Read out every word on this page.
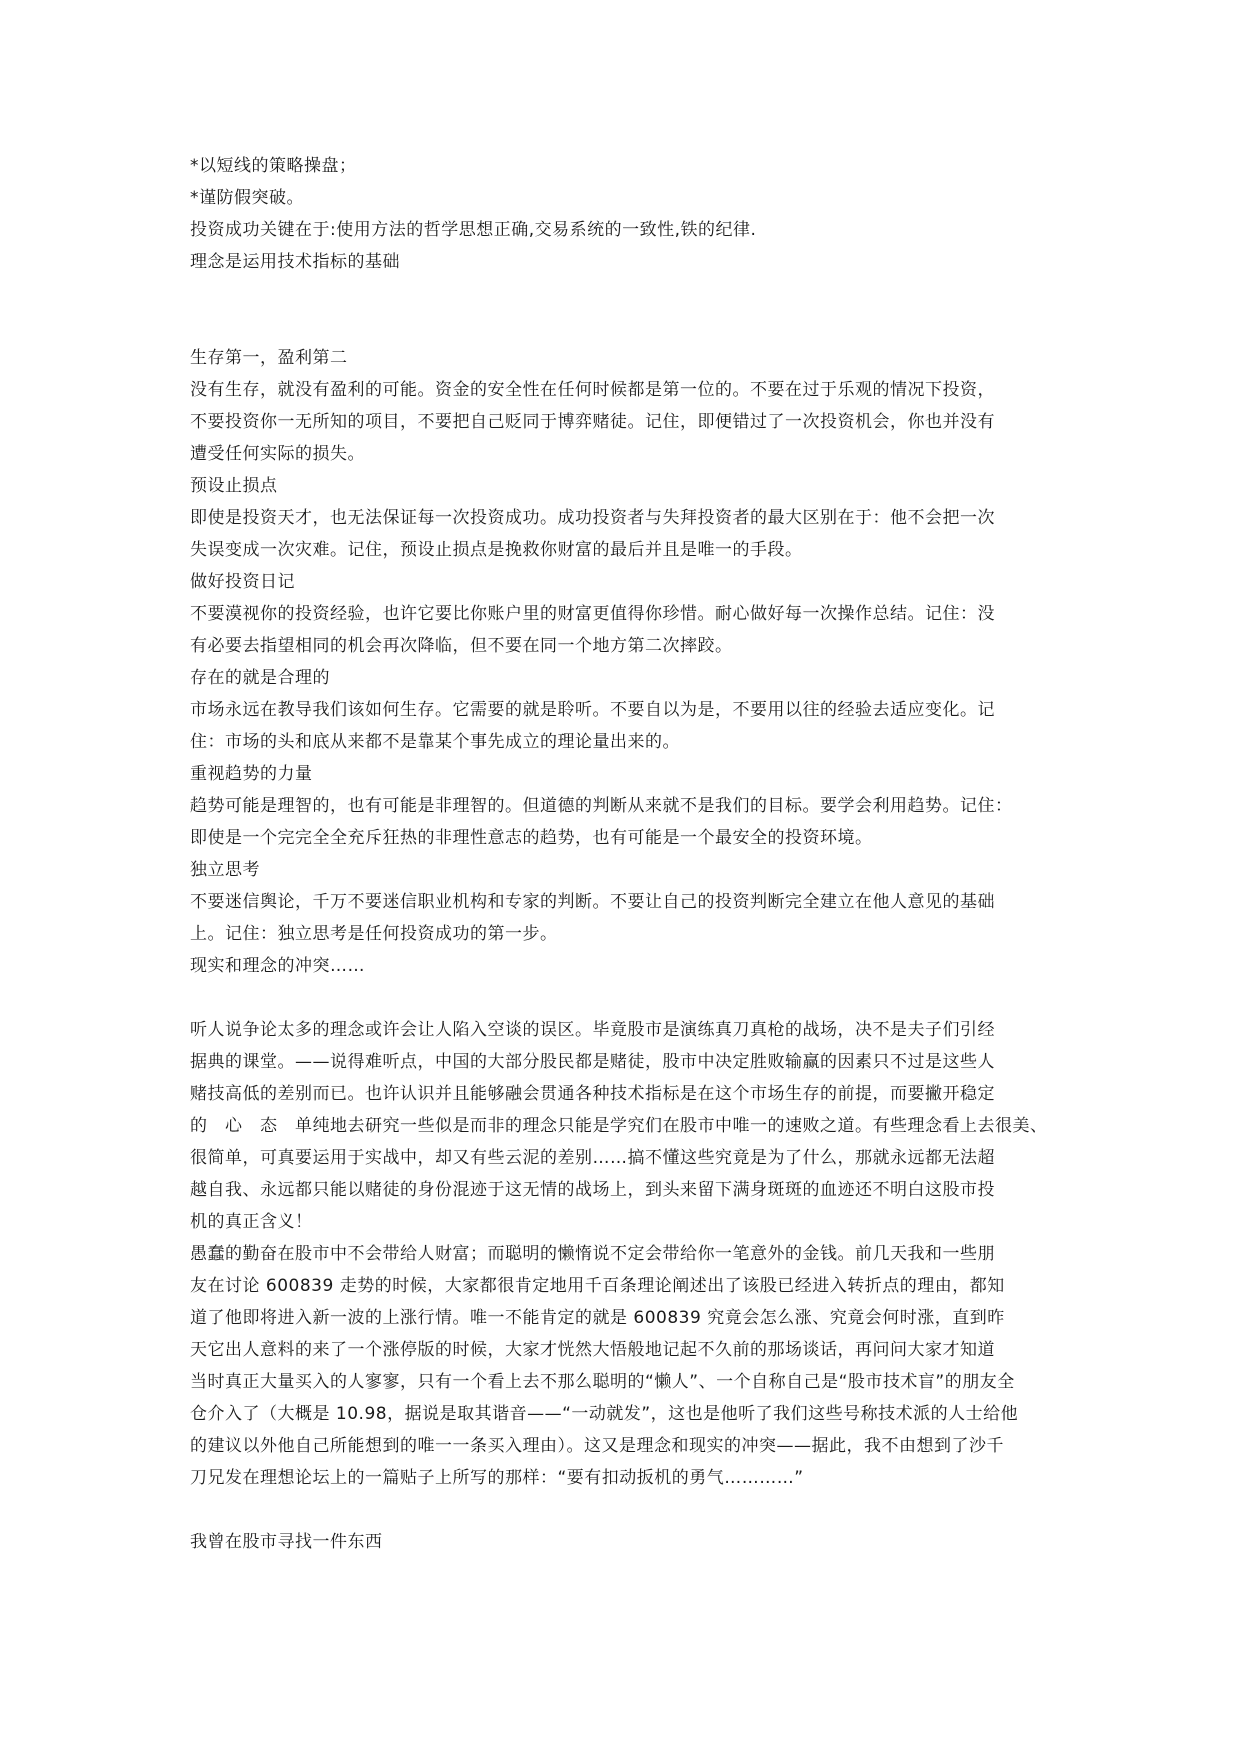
*以短线的策略操盘；
*谨防假突破。
投资成功关键在于:使用方法的哲学思想正确,交易系统的一致性,铁的纪律.
理念是运用技术指标的基础
生存第一，盈利第二
没有生存，就没有盈利的可能。资金的安全性在任何时候都是第一位的。不要在过于乐观的情况下投资，
不要投资你一无所知的项目，不要把自己贬同于博弈赌徒。记住，即便错过了一次投资机会，你也并没有
遭受任何实际的损失。
预设止损点
即使是投资天才，也无法保证每一次投资成功。成功投资者与失拜投资者的最大区别在于：他不会把一次
失误变成一次灾难。记住，预设止损点是挽救你财富的最后并且是唯一的手段。
做好投资日记
不要漠视你的投资经验，也许它要比你账户里的财富更值得你珍惜。耐心做好每一次操作总结。记住：没
有必要去指望相同的机会再次降临，但不要在同一个地方第二次摔跤。
存在的就是合理的
市场永远在教导我们该如何生存。它需要的就是聆听。不要自以为是，不要用以往的经验去适应变化。记
住：市场的头和底从来都不是靠某个事先成立的理论量出来的。
重视趋势的力量
趋势可能是理智的，也有可能是非理智的。但道德的判断从来就不是我们的目标。要学会利用趋势。记住：
即使是一个完完全全充斥狂热的非理性意志的趋势，也有可能是一个最安全的投资环境。
独立思考
不要迷信舆论，千万不要迷信职业机构和专家的判断。不要让自己的投资判断完全建立在他人意见的基础
上。记住：独立思考是任何投资成功的第一步。
现实和理念的冲突……
听人说争论太多的理念或许会让人陷入空谈的误区。毕竟股市是演练真刀真枪的战场，决不是夫子们引经
据典的课堂。——说得难听点，中国的大部分股民都是赌徒，股市中决定胜败输赢的因素只不过是这些人
赌技高低的差别而已。也许认识并且能够融会贯通各种技术指标是在这个市场生存的前提，而要撇开稳定
的　心　态　单纯地去研究一些似是而非的理念只能是学究们在股市中唯一的速败之道。有些理念看上去很美、
很简单，可真要运用于实战中，却又有些云泥的差别……搞不懂这些究竟是为了什么，那就永远都无法超
越自我、永远都只能以赌徒的身份混迹于这无情的战场上，到头来留下满身斑斑的血迹还不明白这股市投
机的真正含义！
愚蠢的勤奋在股市中不会带给人财富；而聪明的懒惰说不定会带给你一笔意外的金钱。前几天我和一些朋
友在讨论 600839 走势的时候，大家都很肯定地用千百条理论阐述出了该股已经进入转折点的理由，都知
道了他即将进入新一波的上涨行情。唯一不能肯定的就是 600839 究竟会怎么涨、究竟会何时涨，直到昨
天它出人意料的来了一个涨停版的时候，大家才恍然大悟般地记起不久前的那场谈话，再问问大家才知道
当时真正大量买入的人寥寥，只有一个看上去不那么聪明的“懒人”、一个自称自己是“股市技术盲”的朋友全
仓介入了（大概是 10.98，据说是取其谐音——“一动就发”，这也是他听了我们这些号称技术派的人士给他
的建议以外他自己所能想到的唯一一条买入理由）。这又是理念和现实的冲突——据此，我不由想到了沙千
刀兄发在理想论坛上的一篇贴子上所写的那样：“要有扣动扳机的勇气…………”
我曾在股市寻找一件东西
